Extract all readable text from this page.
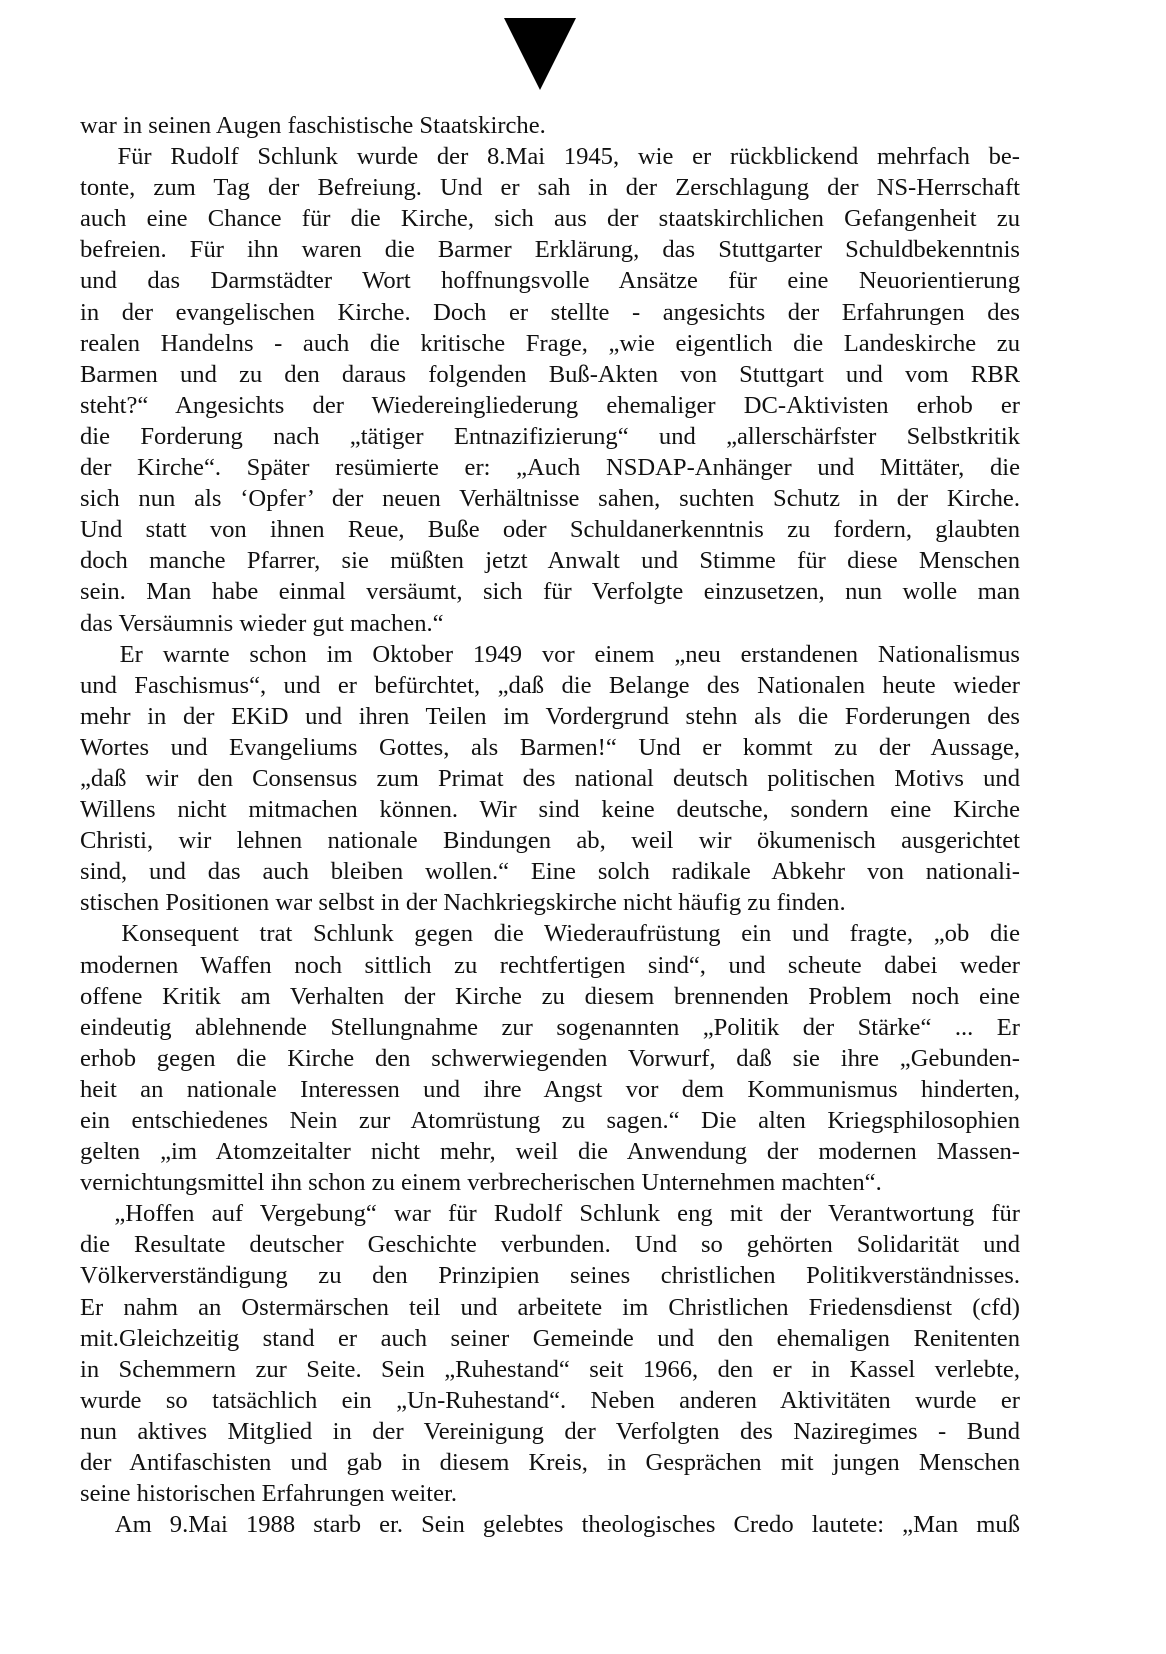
war in seinen Augen faschistische Staatskirche.
Für Rudolf Schlunk wurde der 8.Mai 1945, wie er rückblickend mehrfach be-
tonte, zum Tag der Befreiung. Und er sah in der Zerschlagung der NS-Herrschaft
auch eine Chance für die Kirche, sich aus der staatskirchlichen Gefangenheit zu
befreien. Für ihn waren die Barmer Erklärung, das Stuttgarter Schuldbekenntnis
und das Darmstädter Wort hoffnungsvolle Ansätze für eine Neuorientierung
in der evangelischen Kirche. Doch er stellte - angesichts der Erfahrungen des
realen Handelns - auch die kritische Frage, „wie eigentlich die Landeskirche zu
Barmen und zu den daraus folgenden Buß-Akten von Stuttgart und vom RBR
steht?“ Angesichts der Wiedereingliederung ehemaliger DC-Aktivisten erhob er
die Forderung nach „tätiger Entnazifizierung“ und „allerschärfster Selbstkritik
der Kirche“. Später resümierte er: „Auch NSDAP-Anhänger und Mittäter, die
sich nun als ‘Opfer’ der neuen Verhältnisse sahen, suchten Schutz in der Kirche.
Und statt von ihnen Reue, Buße oder Schuldanerkenntnis zu fordern, glaubten
doch manche Pfarrer, sie müßten jetzt Anwalt und Stimme für diese Menschen
sein. Man habe einmal versäumt, sich für Verfolgte einzusetzen, nun wolle man
das Versäumnis wieder gut machen.“
Er warnte schon im Oktober 1949 vor einem „neu erstandenen Nationalismus
und Faschismus“, und er befürchtet, „daß die Belange des Nationalen heute wieder
mehr in der EKiD und ihren Teilen im Vordergrund stehn als die Forderungen des
Wortes und Evangeliums Gottes, als Barmen!“ Und er kommt zu der Aussage,
„daß wir den Consensus zum Primat des national deutsch politischen Motivs und
Willens nicht mitmachen können. Wir sind keine deutsche, sondern eine Kirche
Christi, wir lehnen nationale Bindungen ab, weil wir ökumenisch ausgerichtet
sind, und das auch bleiben wollen.“ Eine solch radikale Abkehr von nationali-
stischen Positionen war selbst in der Nachkriegskirche nicht häufig zu finden.
Konsequent trat Schlunk gegen die Wiederaufrüstung ein und fragte, „ob die
modernen Waffen noch sittlich zu rechtfertigen sind“, und scheute dabei weder
offene Kritik am Verhalten der Kirche zu diesem brennenden Problem noch eine
eindeutig ablehnende Stellungnahme zur sogenannten „Politik der Stärke“ ... Er
erhob gegen die Kirche den schwerwiegenden Vorwurf, daß sie ihre „Gebunden-
heit an nationale Interessen und ihre Angst vor dem Kommunismus hinderten,
ein entschiedenes Nein zur Atomrüstung zu sagen.“ Die alten Kriegsphilosophien
gelten „im Atomzeitalter nicht mehr, weil die Anwendung der modernen Massen-
vernichtungsmittel ihn schon zu einem verbrecherischen Unternehmen machten“.
„Hoffen auf Vergebung“ war für Rudolf Schlunk eng mit der Verantwortung für
die Resultate deutscher Geschichte verbunden. Und so gehörten Solidarität und
Völkerverständigung zu den Prinzipien seines christlichen Politikverständnisses.
Er nahm an Ostermärschen teil und arbeitete im Christlichen Friedensdienst (cfd)
mit.Gleichzeitig stand er auch seiner Gemeinde und den ehemaligen Renitenten
in Schemmern zur Seite. Sein „Ruhestand“ seit 1966, den er in Kassel verlebte,
wurde so tatsächlich ein „Un-Ruhestand“. Neben anderen Aktivitäten wurde er
nun aktives Mitglied in der Vereinigung der Verfolgten des Naziregimes - Bund
der Antifaschisten und gab in diesem Kreis, in Gesprächen mit jungen Menschen
seine historischen Erfahrungen weiter.
Am 9.Mai 1988 starb er. Sein gelebtes theologisches Credo lautete: „Man muß
